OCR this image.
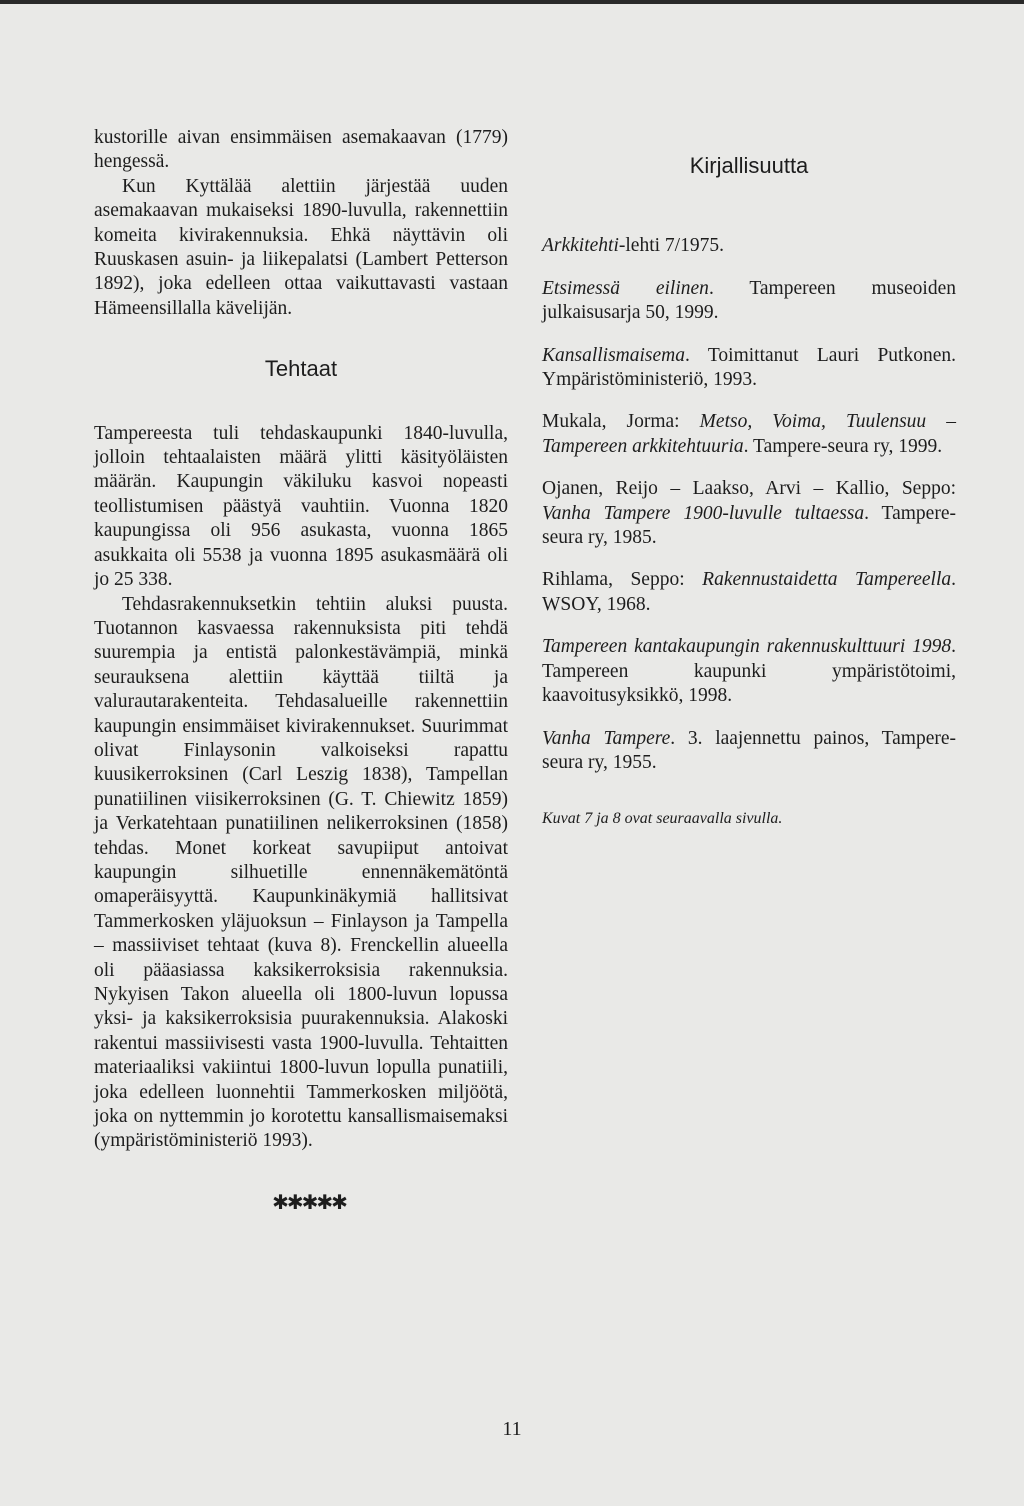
kustorille aivan ensimmäisen asemakaavan (1779) hengessä.

Kun Kyttälää alettiin järjestää uuden asemakaavan mukaiseksi 1890-luvulla, rakennettiin komeita kivirakennuksia. Ehkä näyttävin oli Ruuskasen asuin- ja liikepalatsi (Lambert Petterson 1892), joka edelleen ottaa vaikuttavasti vastaan Hämeensillalla kävelijän.

Tehtaat

Tampereesta tuli tehdaskaupunki 1840-luvulla, jolloin tehtaalaisten määrä ylitti käsityöläisten määrän. Kaupungin väkiluku kasvoi nopeasti teollistumisen päästyä vauhtiin. Vuonna 1820 kaupungissa oli 956 asukasta, vuonna 1865 asukkaita oli 5538 ja vuonna 1895 asukasmäärä oli jo 25 338.

Tehdasrakennuksetkin tehtiin aluksi puusta. Tuotannon kasvaessa rakennuksista piti tehdä suurempia ja entistä palonkestävämpiä, minkä seurauksena alettiin käyttää tiiltä ja valurautarakenteita. Tehdasalueille rakennettiin kaupungin ensimmäiset kivirakennukset. Suurimmat olivat Finlaysonin valkoiseksi rapattu kuusikerroksinen (Carl Leszig 1838), Tampellan punatiilinen viisikerroksinen (G. T. Chiewitz 1859) ja Verkatehtaan punatiilinen nelikerroksinen (1858) tehdas. Monet korkeat savupiiput antoivat kaupungin silhuetille ennennäkemätöntä omaperäisyyttä. Kaupunkinäkymiä hallitsivat Tammerkosken yläjuoksun – Finlayson ja Tampella – massiiviset tehtaat (kuva 8). Frenckellin alueella oli pääasiassa kaksikerroksisia rakennuksia. Nykyisen Takon alueella oli 1800-luvun lopussa yksi- ja kaksikerroksisia puurakennuksia. Alakoski rakentui massiivisesti vasta 1900-luvulla. Tehtaitten materiaaliksi vakiintui 1800-luvun lopulla punatiili, joka edelleen luonnehtii Tammerkosken miljöötä, joka on nyttemmin jo korotettu kansallismaisemaksi (ympäristöministeriö 1993).

Kirjallisuutta

Arkkitehti-lehti 7/1975.

Etsimessä eilinen. Tampereen museoiden julkaisusarja 50, 1999.

Kansallismaisema. Toimittanut Lauri Putkonen. Ympäristöministeriö, 1993.

Mukala, Jorma: Metso, Voima, Tuulensuu – Tampereen arkkitehtuuria. Tampere-seura ry, 1999.

Ojanen, Reijo – Laakso, Arvi – Kallio, Seppo: Vanha Tampere 1900-luvulle tultaessa. Tampere-seura ry, 1985.

Rihlama, Seppo: Rakennustaidetta Tampereella. WSOY, 1968.

Tampereen kantakaupungin rakennuskulttuuri 1998. Tampereen kaupunki ympäristötoimi, kaavoitusyksikkö, 1998.

Vanha Tampere. 3. laajennettu painos, Tampere-seura ry, 1955.

Kuvat 7 ja 8 ovat seuraavalla sivulla.

✱✱✱✱✱
11
